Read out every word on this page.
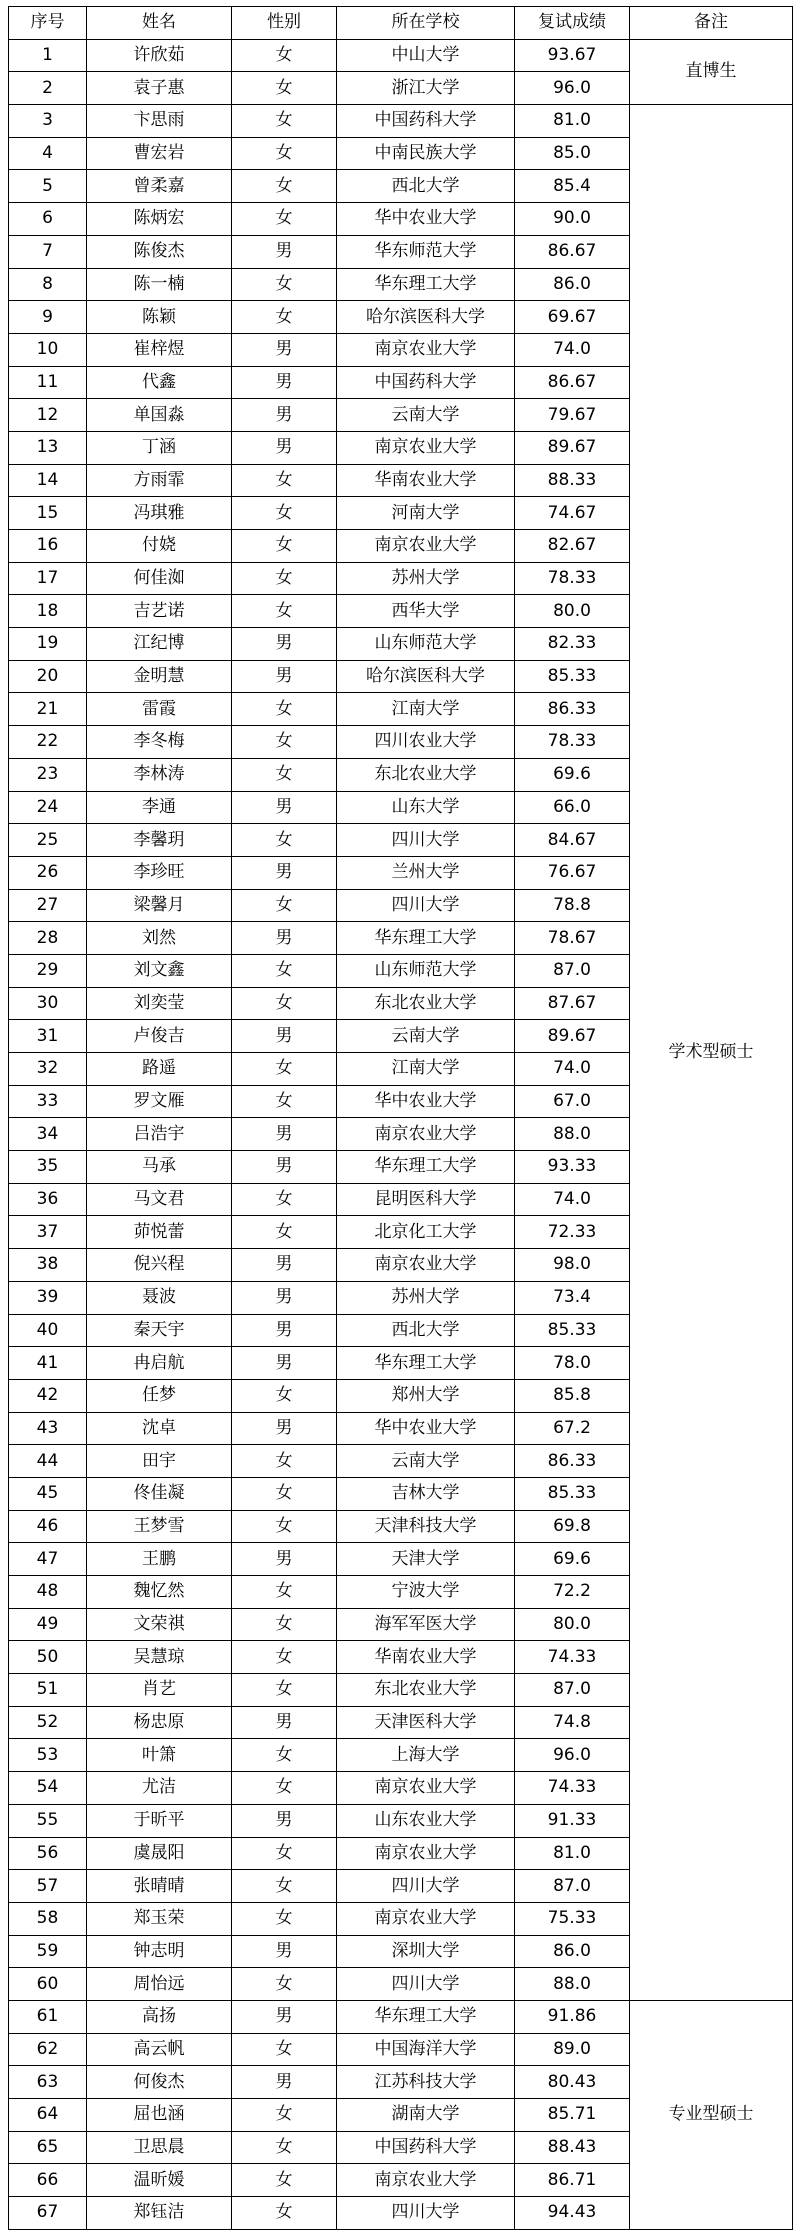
序号	姓名	性别	所在学校	复试成绩	备注
1	许欣茹	女	中山大学	93.67	直博生
2	袁子惠	女	浙江大学	96.0	
3	卞思雨	女	中国药科大学	81.0	学术型硕士
4	曹宏岩	女	中南民族大学	85.0	
5	曾柔嘉	女	西北大学	85.4	
6	陈炳宏	女	华中农业大学	90.0	
7	陈俊杰	男	华东师范大学	86.67	
8	陈一楠	女	华东理工大学	86.0	
9	陈颖	女	哈尔滨医科大学	69.67	
10	崔梓煜	男	南京农业大学	74.0	
11	代鑫	男	中国药科大学	86.67	
12	单国淼	男	云南大学	79.67	
13	丁涵	男	南京农业大学	89.67	
14	方雨霏	女	华南农业大学	88.33	
15	冯琪雅	女	河南大学	74.67	
16	付娆	女	南京农业大学	82.67	
17	何佳洳	女	苏州大学	78.33	
18	吉艺诺	女	西华大学	80.0	
19	江纪博	男	山东师范大学	82.33	
20	金明慧	男	哈尔滨医科大学	85.33	
21	雷霞	女	江南大学	86.33	
22	李冬梅	女	四川农业大学	78.33	
23	李林涛	女	东北农业大学	69.6	
24	李通	男	山东大学	66.0	
25	李馨玥	女	四川大学	84.67	
26	李珍旺	男	兰州大学	76.67	
27	梁馨月	女	四川大学	78.8	
28	刘然	男	华东理工大学	78.67	
29	刘文鑫	女	山东师范大学	87.0	
30	刘奕莹	女	东北农业大学	87.67	
31	卢俊吉	男	云南大学	89.67	
32	路遥	女	江南大学	74.0	
33	罗文雁	女	华中农业大学	67.0	
34	吕浩宇	男	南京农业大学	88.0	
35	马承	男	华东理工大学	93.33	
36	马文君	女	昆明医科大学	74.0	
37	茆悦蕾	女	北京化工大学	72.33	
38	倪兴程	男	南京农业大学	98.0	
39	聂波	男	苏州大学	73.4	
40	秦天宇	男	西北大学	85.33	
41	冉启航	男	华东理工大学	78.0	
42	任梦	女	郑州大学	85.8	
43	沈卓	男	华中农业大学	67.2	
44	田宇	女	云南大学	86.33	
45	佟佳凝	女	吉林大学	85.33	
46	王梦雪	女	天津科技大学	69.8	
47	王鹏	男	天津大学	69.6	
48	魏忆然	女	宁波大学	72.2	
49	文荣祺	女	海军军医大学	80.0	
50	吴慧琼	女	华南农业大学	74.33	
51	肖艺	女	东北农业大学	87.0	
52	杨忠原	男	天津医科大学	74.8	
53	叶箫	女	上海大学	96.0	
54	尤洁	女	南京农业大学	74.33	
55	于昕平	男	山东农业大学	91.33	
56	虞晟阳	女	南京农业大学	81.0	
57	张晴晴	女	四川大学	87.0	
58	郑玉荣	女	南京农业大学	75.33	
59	钟志明	男	深圳大学	86.0	
60	周怡远	女	四川大学	88.0	
61	高扬	男	华东理工大学	91.86	专业型硕士
62	高云帆	女	中国海洋大学	89.0	
63	何俊杰	男	江苏科技大学	80.43	
64	屈也涵	女	湖南大学	85.71	
65	卫思晨	女	中国药科大学	88.43	
66	温昕媛	女	南京农业大学	86.71	
67	郑钰洁	女	四川大学	94.43	
